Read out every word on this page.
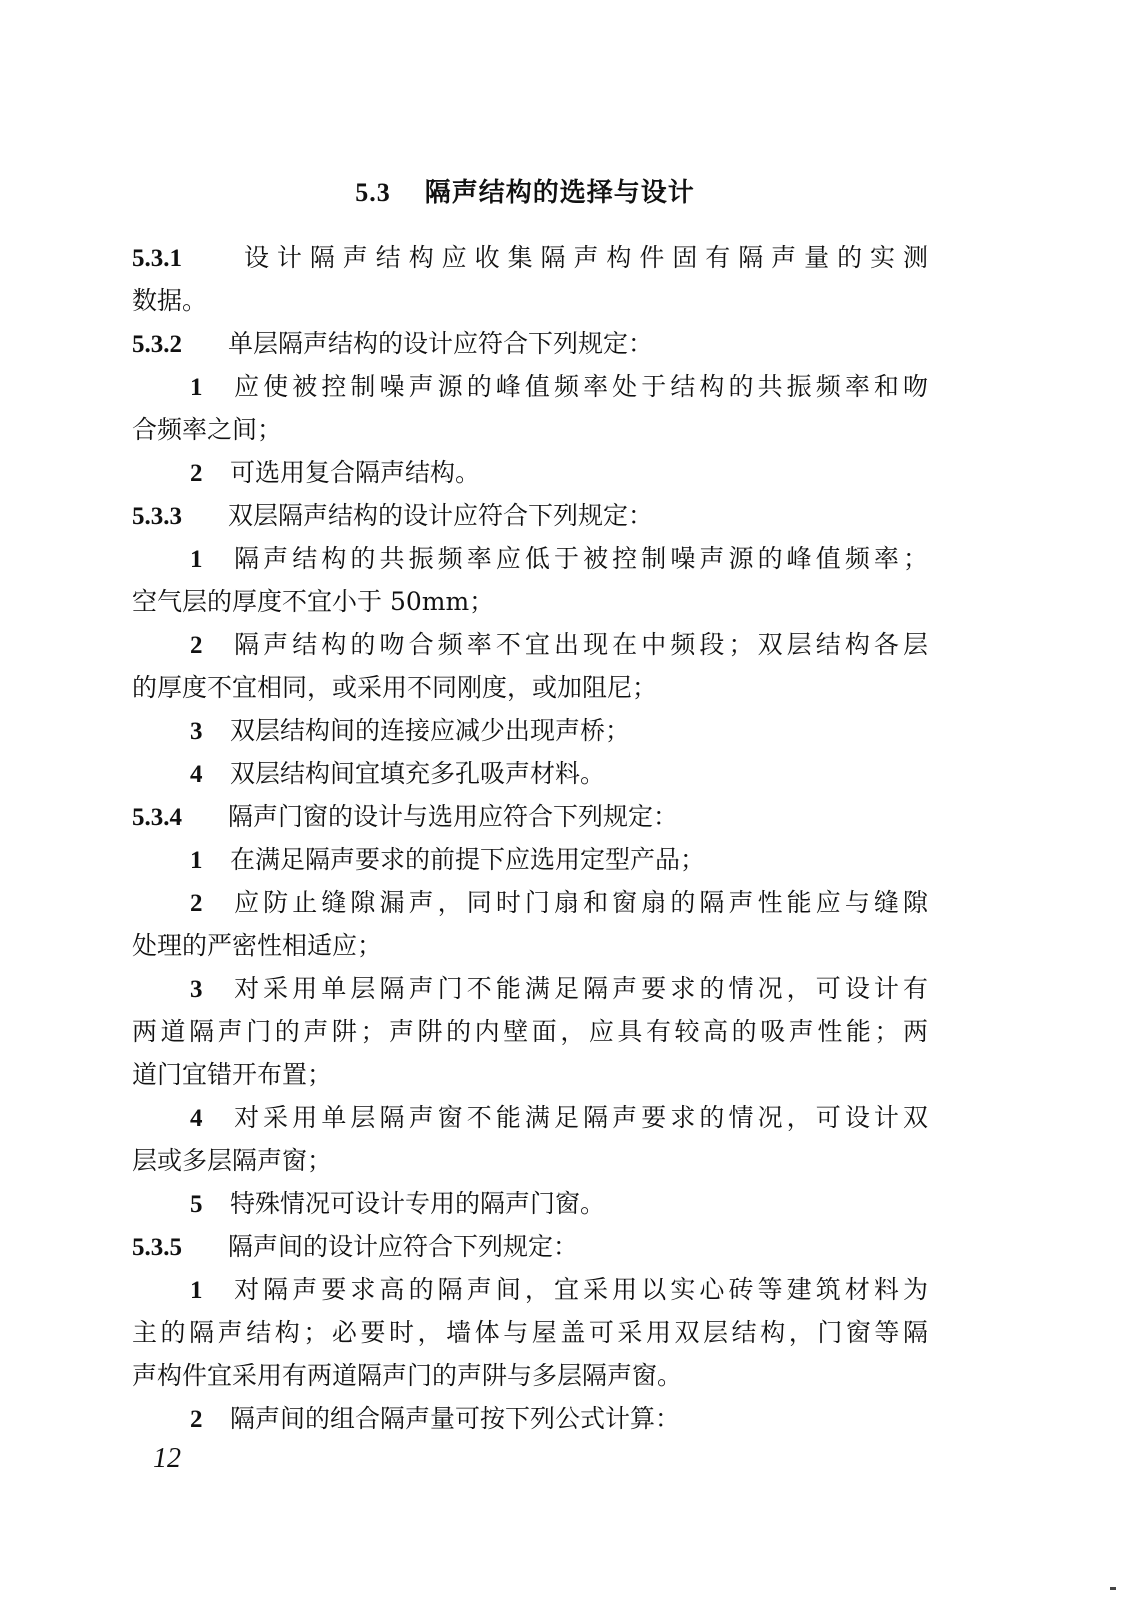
5.3 隔声结构的选择与设计
5.3.1 设计隔声结构应收集隔声构件固有隔声量的实测
数据。
5.3.2 单层隔声结构的设计应符合下列规定：
1 应使被控制噪声源的峰值频率处于结构的共振频率和吻
合频率之间；
2 可选用复合隔声结构。
5.3.3 双层隔声结构的设计应符合下列规定：
1 隔声结构的共振频率应低于被控制噪声源的峰值频率；
空气层的厚度不宜小于 50mm；
2 隔声结构的吻合频率不宜出现在中频段；双层结构各层
的厚度不宜相同，或采用不同刚度，或加阻尼；
3 双层结构间的连接应减少出现声桥；
4 双层结构间宜填充多孔吸声材料。
5.3.4 隔声门窗的设计与选用应符合下列规定：
1 在满足隔声要求的前提下应选用定型产品；
2 应防止缝隙漏声，同时门扇和窗扇的隔声性能应与缝隙
处理的严密性相适应；
3 对采用单层隔声门不能满足隔声要求的情况，可设计有
两道隔声门的声阱；声阱的内壁面，应具有较高的吸声性能；两
道门宜错开布置；
4 对采用单层隔声窗不能满足隔声要求的情况，可设计双
层或多层隔声窗；
5 特殊情况可设计专用的隔声门窗。
5.3.5 隔声间的设计应符合下列规定：
1 对隔声要求高的隔声间，宜采用以实心砖等建筑材料为
主的隔声结构；必要时，墙体与屋盖可采用双层结构，门窗等隔
声构件宜采用有两道隔声门的声阱与多层隔声窗。
2 隔声间的组合隔声量可按下列公式计算：
12
